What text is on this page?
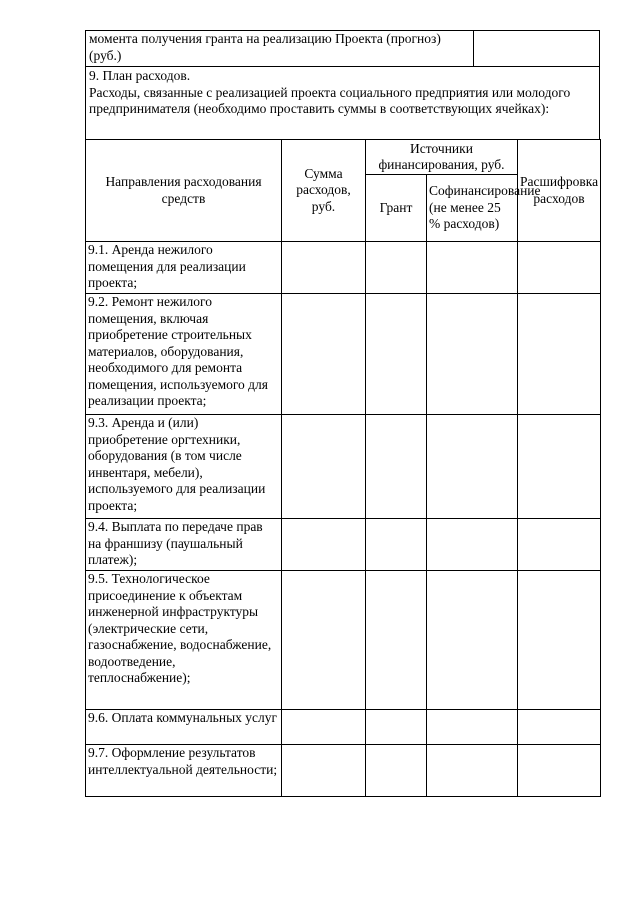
момента получения гранта на реализацию Проекта (прогноз) (руб.)
9. План расходов.
Расходы, связанные с реализацией проекта социального предприятия или молодого предпринимателя (необходимо проставить суммы в соответствующих ячейках):
Направления расходования средств	Сумма расходов, руб.	Источники финансирования, руб.		Расшифровка расходов
		Грант	Софинансирование (не менее 25 % расходов)	
9.1. Аренда нежилого помещения для реализации проекта;				
9.2. Ремонт нежилого помещения, включая приобретение строительных материалов, оборудования, необходимого для ремонта помещения, используемого для реализации проекта;				
9.3. Аренда и (или) приобретение оргтехники, оборудования (в том числе инвентаря, мебели), используемого для реализации проекта;				
9.4. Выплата по передаче прав на франшизу (паушальный платеж);				
9.5. Технологическое присоединение к объектам инженерной инфраструктуры (электрические сети, газоснабжение, водоснабжение, водоотведение, теплоснабжение);				
9.6. Оплата коммунальных услуг				
9.7. Оформление результатов интеллектуальной деятельности;				
